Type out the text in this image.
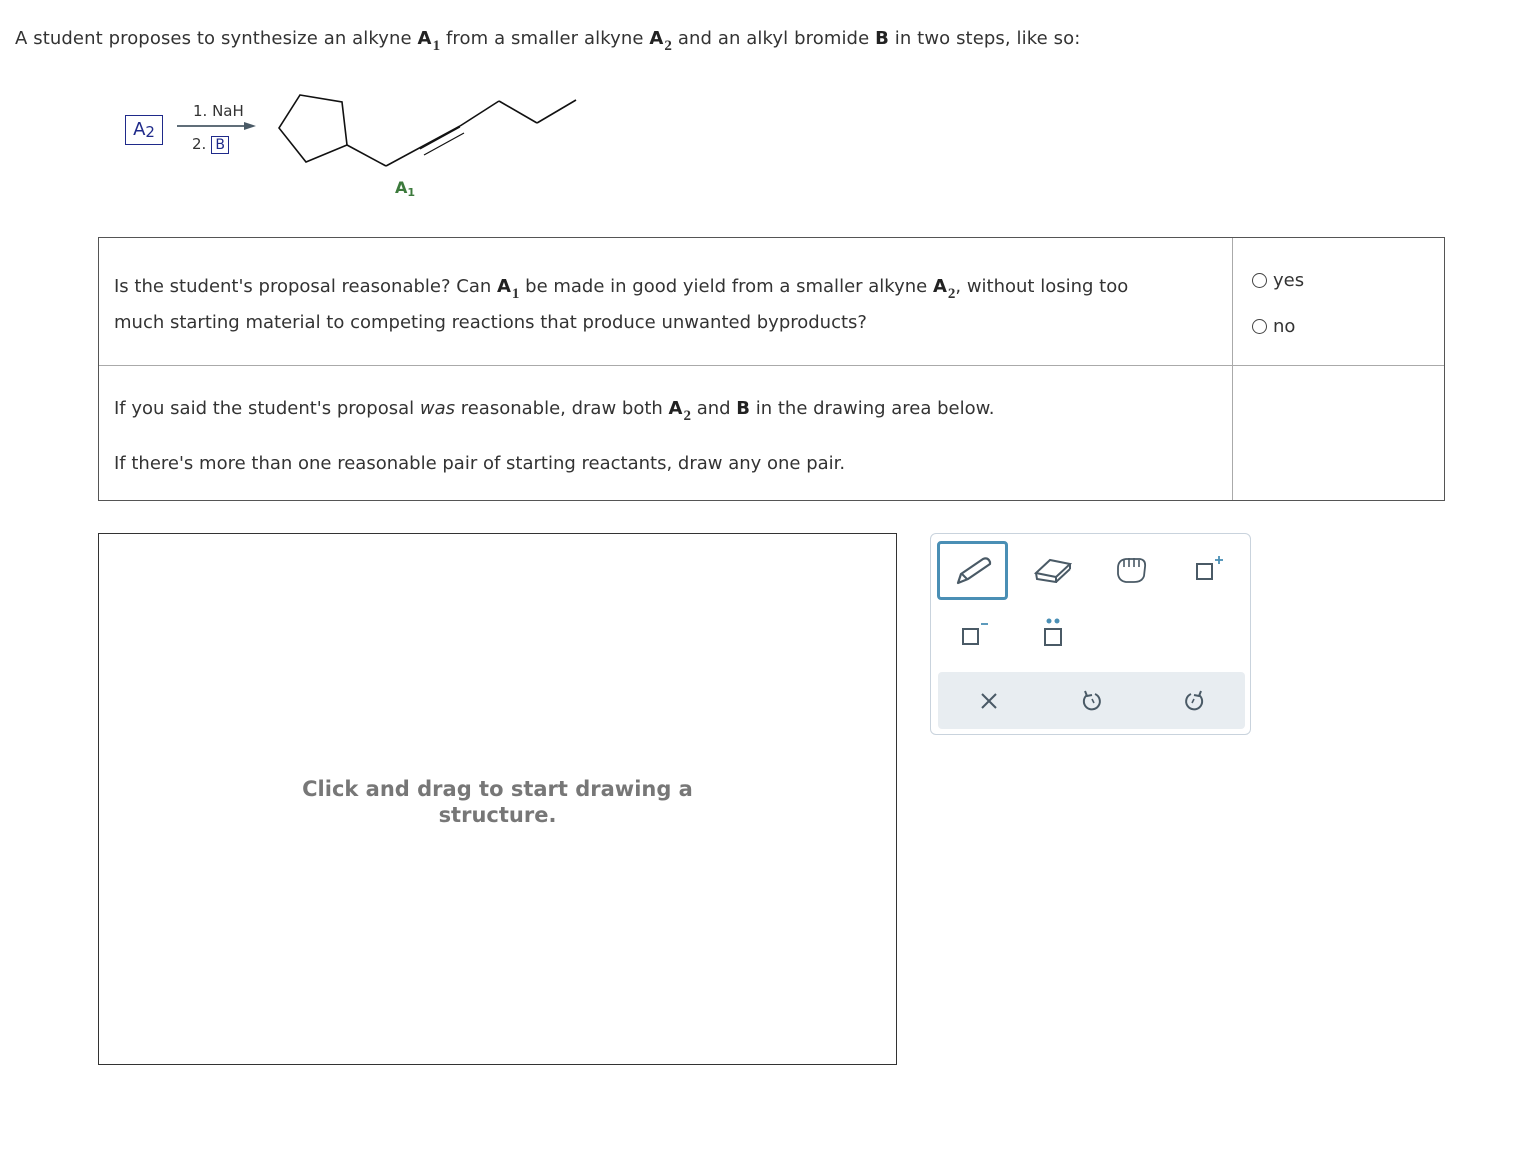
A student proposes to synthesize an alkyne $A_1$ from a smaller alkyne $A_2$ and an alkyl bromide B in two steps, like so:
A2
1. NaH
2. B
A1
Is the student's proposal reasonable? Can $A_1$ be made in good yield from a smaller alkyne $A_2$, without losing too
much starting material to competing reactions that produce unwanted byproducts?
yes
no
If you said the student's proposal was reasonable, draw both $A_2$ and B in the drawing area below.
If there's more than one reasonable pair of starting reactants, draw any one pair.
Click and drag to start drawing a
structure.
